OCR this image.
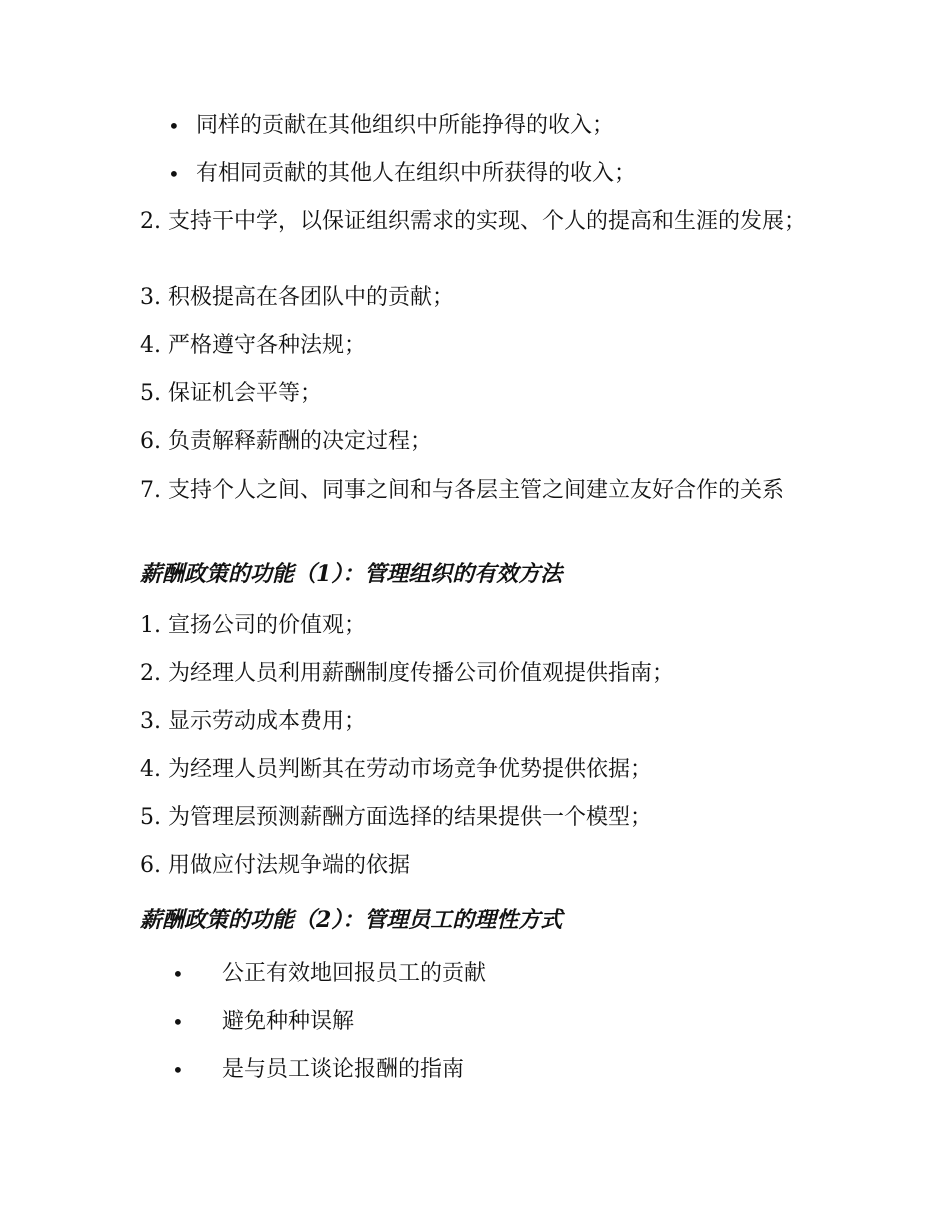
• 同样的贡献在其他组织中所能挣得的收入；
• 有相同贡献的其他人在组织中所获得的收入；
2. 支持干中学，以保证组织需求的实现、个人的提高和生涯的发展；
3. 积极提高在各团队中的贡献；
4. 严格遵守各种法规；
5. 保证机会平等；
6. 负责解释薪酬的决定过程；
7. 支持个人之间、同事之间和与各层主管之间建立友好合作的关系
薪酬政策的功能（1）：管理组织的有效方法
1. 宣扬公司的价值观；
2. 为经理人员利用薪酬制度传播公司价值观提供指南；
3. 显示劳动成本费用；
4. 为经理人员判断其在劳动市场竞争优势提供依据；
5. 为管理层预测薪酬方面选择的结果提供一个模型；
6. 用做应付法规争端的依据
薪酬政策的功能（2）：管理员工的理性方式
• 公正有效地回报员工的贡献
• 避免种种误解
• 是与员工谈论报酬的指南
